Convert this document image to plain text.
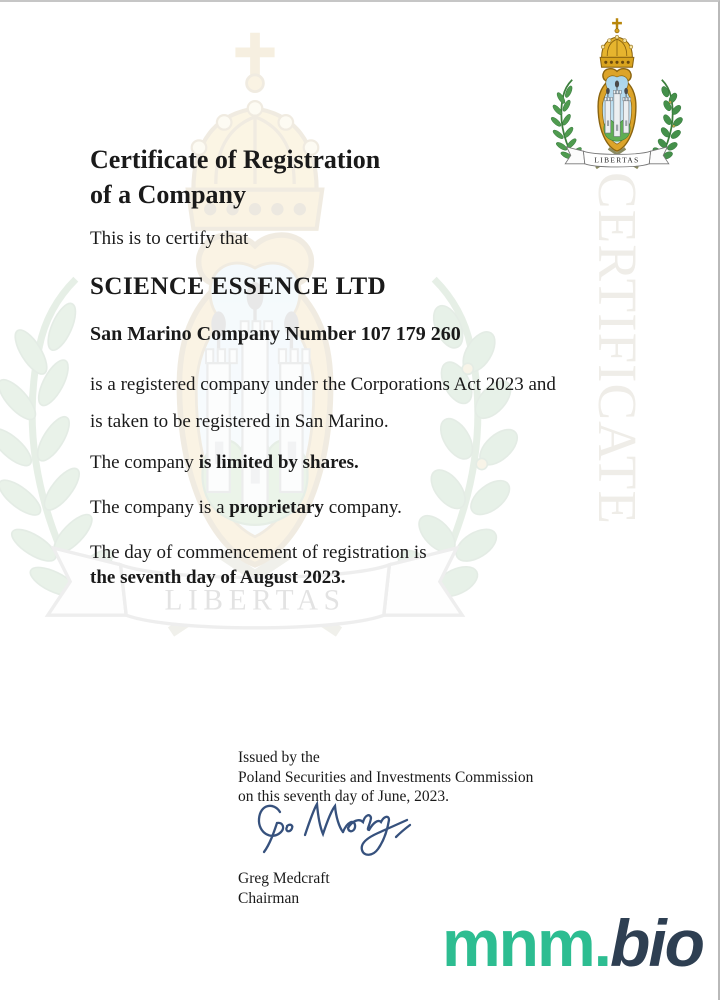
CERTIFICATE
Certificate of Registration
of a Company
This is to certify that
SCIENCE ESSENCE LTD
San Marino Company Number 107 179 260
is a registered company under the Corporations Act 2023 and
is taken to be registered in San Marino.
The company is limited by shares.
The company is a proprietary company.
The day of commencement of registration is
the seventh day of August 2023.
Issued by the
Poland Securities and Investments Commission
on this seventh day of June, 2023.
Greg Medcraft
Chairman
mnm.bio
